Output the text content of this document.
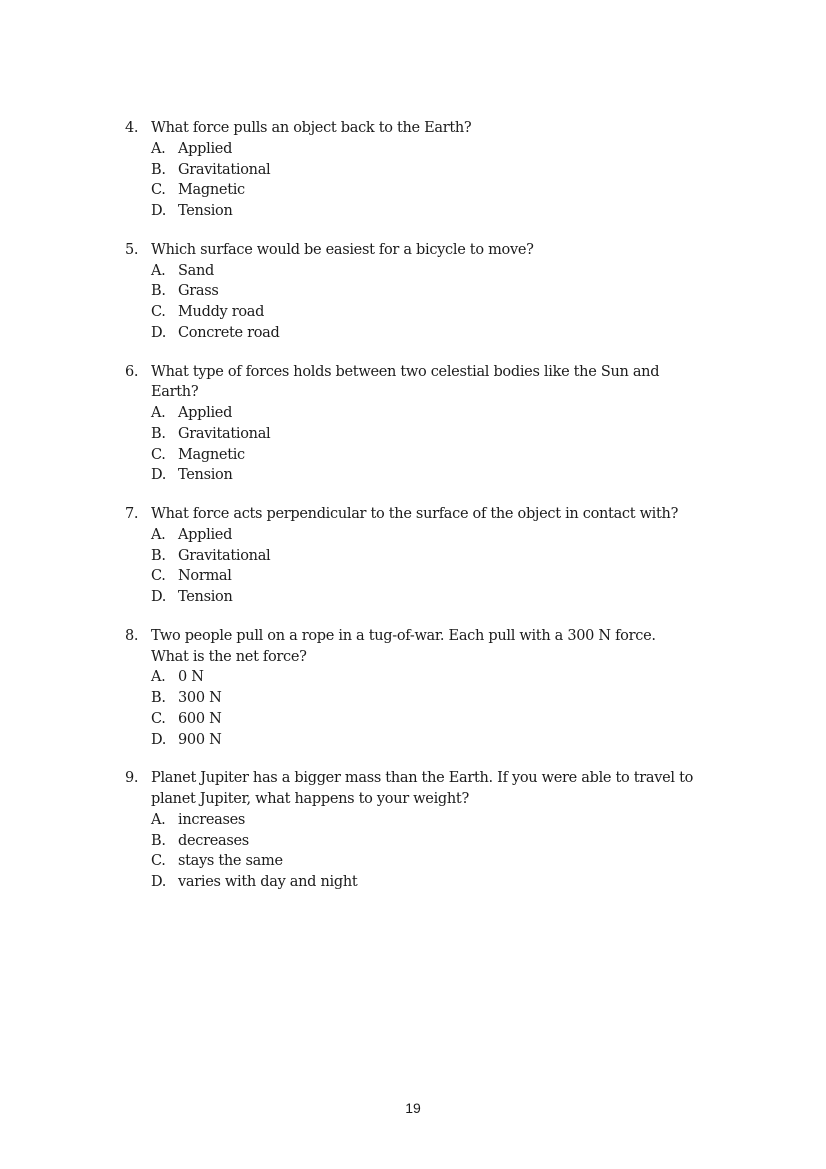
4. What force pulls an object back to the Earth?
A. Applied
B. Gravitational
C. Magnetic
D. Tension
5. Which surface would be easiest for a bicycle to move?
A. Sand
B. Grass
C. Muddy road
D. Concrete road
6. What type of forces holds between two celestial bodies like the Sun and
Earth?
A. Applied
B. Gravitational
C. Magnetic
D. Tension
7. What force acts perpendicular to the surface of the object in contact with?
A. Applied
B. Gravitational
C. Normal
D. Tension
8. Two people pull on a rope in a tug-of-war. Each pull with a 300 N force.
What is the net force?
A. 0 N
B. 300 N
C. 600 N
D. 900 N
9. Planet Jupiter has a bigger mass than the Earth. If you were able to travel to
planet Jupiter, what happens to your weight?
A. increases
B. decreases
C. stays the same
D. varies with day and night
19
